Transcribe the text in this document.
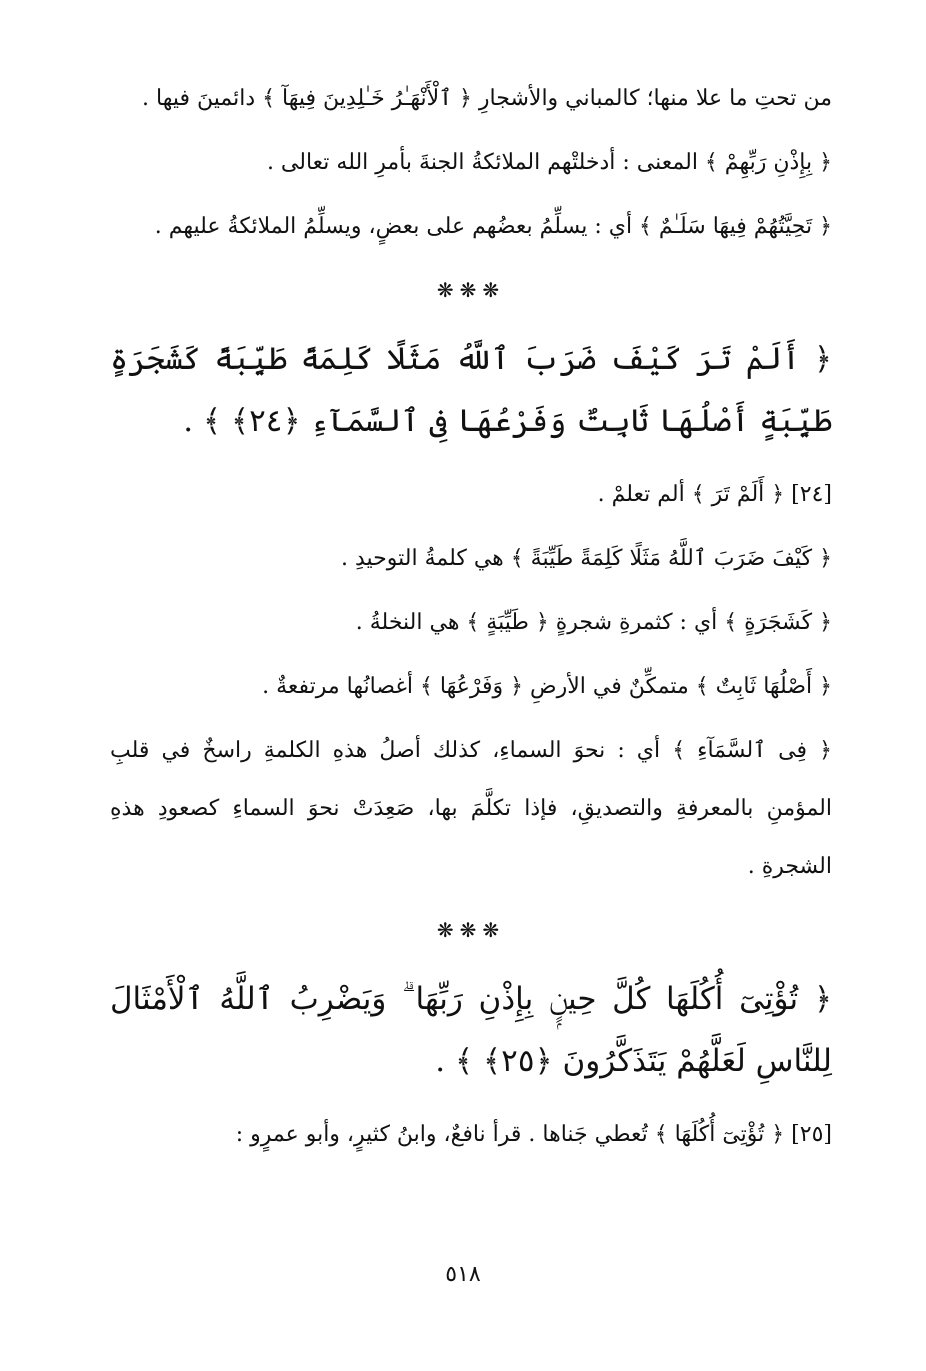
من تحتِ ما علا منها؛ كالمباني والأشجارِ ﴿ ٱلْأَنْهَـٰرُ خَـٰلِدِينَ فِيهَآ ﴾ دائمينَ فيها .

﴿ بِإِذْنِ رَبِّهِمْ ﴾ المعنى : أدخلتْهم الملائكةُ الجنةَ بأمرِ الله تعالى .

﴿ تَحِيَّتُهُمْ فِيهَا سَلَـٰمٌ ﴾ أي : يسلِّمُ بعضُهم على بعضٍ، ويسلِّمُ الملائكةُ عليهم .

❋❋❋

﴿ أَلَمْ تَرَ كَيْفَ ضَرَبَ ٱللَّهُ مَثَلًا كَلِمَةً طَيِّبَةً كَشَجَرَةٍ طَيِّبَةٍ أَصْلُهَا ثَابِتٌ وَفَرْعُهَا فِى ٱلسَّمَآءِ ﴿٢٤﴾ ﴾ .

[٢٤] ﴿ أَلَمْ تَرَ ﴾ ألم تعلمْ .

﴿ كَيْفَ ضَرَبَ ٱللَّهُ مَثَلًا كَلِمَةً طَيِّبَةً ﴾ هي كلمةُ التوحيدِ .

﴿ كَشَجَرَةٍ ﴾ أي : كثمرةِ شجرةٍ ﴿ طَيِّبَةٍ ﴾ هي النخلةُ .

﴿ أَصْلُهَا ثَابِتٌ ﴾ متمكِّنٌ في الأرضِ ﴿ وَفَرْعُهَا ﴾ أغصانُها مرتفعةٌ .

﴿ فِى ٱلسَّمَآءِ ﴾ أي : نحوَ السماءِ، كذلك أصلُ هذهِ الكلمةِ راسخٌ في قلبِ المؤمنِ بالمعرفةِ والتصديقِ، فإذا تكلَّمَ بها، صَعِدَتْ نحوَ السماءِ كصعودِ هذهِ الشجرةِ .

❋❋❋

﴿ تُؤْتِىٓ أُكُلَهَا كُلَّ حِينٍۭ بِإِذْنِ رَبِّهَا ۗ وَيَضْرِبُ ٱللَّهُ ٱلْأَمْثَالَ لِلنَّاسِ لَعَلَّهُمْ يَتَذَكَّرُونَ ﴿٢٥﴾ ﴾ .

[٢٥] ﴿ تُؤْتِىٓ أُكُلَهَا ﴾ تُعطي جَناها . قرأ نافعٌ، وابنُ كثيرٍ، وأبو عمرٍو :

٥١٨
